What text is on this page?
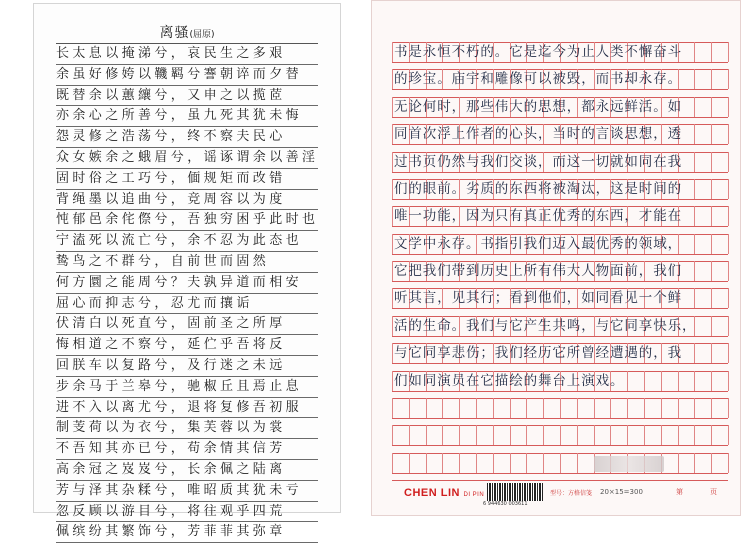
离骚(屈原)
长太息以掩涕兮，哀民生之多艰
余虽好修姱以鞿羁兮謇朝谇而夕替
既替余以蕙纕兮，又申之以揽茝
亦余心之所善兮，虽九死其犹未悔
怨灵修之浩荡兮，终不察夫民心
众女嫉余之蛾眉兮，谣诼谓余以善淫
固时俗之工巧兮，偭规矩而改错
背绳墨以追曲兮，竞周容以为度
忳郁邑余侘傺兮，吾独穷困乎此时也
宁溘死以流亡兮，余不忍为此态也
鸷鸟之不群兮，自前世而固然
何方圜之能周兮？夫孰异道而相安
屈心而抑志兮，忍尤而攘诟
伏清白以死直兮，固前圣之所厚
悔相道之不察兮，延伫乎吾将反
回朕车以复路兮，及行迷之未远
步余马于兰皋兮，驰椒丘且焉止息
进不入以离尤兮，退将复修吾初服
制芰荷以为衣兮，集芙蓉以为裳
不吾知其亦已兮，苟余情其信芳
高余冠之岌岌兮，长余佩之陆离
芳与泽其杂糅兮，唯昭质其犹未亏
忽反顾以游目兮，将往观乎四荒
佩缤纷其繁饰兮，芳菲菲其弥章
书是永恒不朽的。它是迄今为止人类不懈奋斗
的珍宝。庙宇和雕像可以被毁，而书却永存。
无论何时，那些伟大的思想，都永远鲜活。如
同首次浮上作者的心头，当时的言谈思想，透
过书页仍然与我们交谈，而这一切就如同在我
们的眼前。劣质的东西将被淘汰，这是时间的
唯一功能，因为只有真正优秀的东西，才能在
文学中永存。书指引我们迈入最优秀的领域，
它把我们带到历史上所有伟大人物面前，我们
听其言，见其行；看到他们，如同看见一个鲜
活的生命。我们与它产生共鸣，与它同享快乐，
与它同享悲伤；我们经历它所曾经遭遇的，我
们如同演员在它描绘的舞台上演戏。
CHEN LIN DI PIN
6 944630 003611
型号：方格信笺 20×15=300	第	页
